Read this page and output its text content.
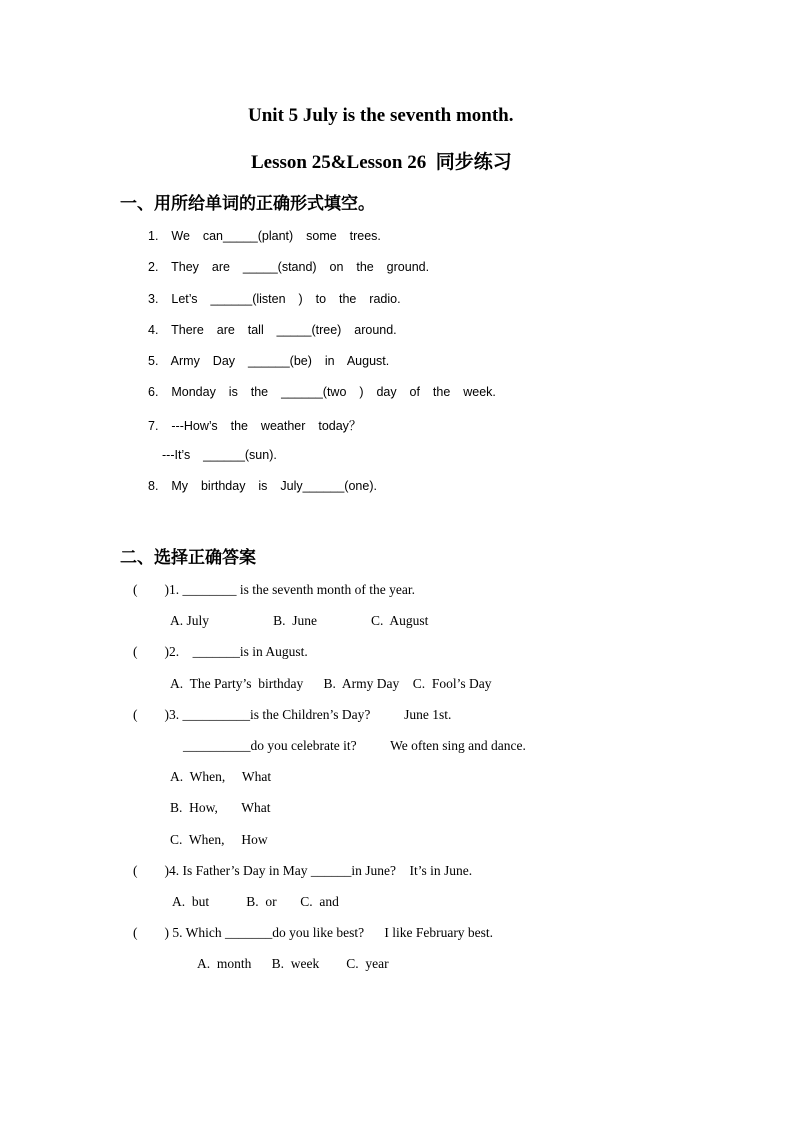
Unit 5 July is the seventh month.
Lesson 25&Lesson 26  同步练习
一、用所给单词的正确形式填空。
1.  We  can_____(plant)  some  trees.
2.  They  are  _____(stand)  on  the  ground.
3.  Let’s  ______(listen  )  to  the  radio.
4.  There  are  tall  _____(tree)  around.
5.  Army  Day  ______(be)  in  August.
6.  Monday  is  the  ______(two  )  day  of  the  week.
7.  ---How’s  the  weather  today？
---It’s  ______(sun).
8.  My  birthday  is  July______(one).
二、选择正确答案
(        )1. ________ is the seventh month of the year.
A. July                   B.  June                C.  August
(        )2.    _______is in August.
A.  The Party’s  birthday      B.  Army Day    C.  Fool’s Day
(        )3. __________is the Children’s Day?          June 1st.
__________do you celebrate it?          We often sing and dance.
A.  When,     What
B.  How,       What
C.  When,     How
(        )4. Is Father’s Day in May ______in June?    It’s in June.
A.  but           B.  or       C.  and
(        ) 5. Which _______do you like best?      I like February best.
A.  month      B.  week        C.  year
